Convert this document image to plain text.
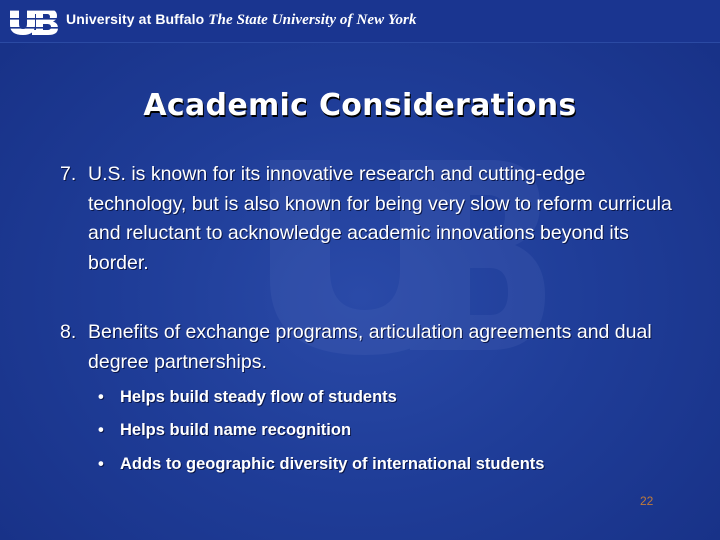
University at Buffalo The State University of New York
Academic Considerations
7. U.S. is known for its innovative research and cutting-edge technology, but is also known for being very slow to reform curricula and reluctant to acknowledge academic innovations beyond its border.
8. Benefits of exchange programs, articulation agreements and dual degree partnerships.
• Helps build steady flow of students
• Helps build name recognition
• Adds to geographic diversity of international students
22
